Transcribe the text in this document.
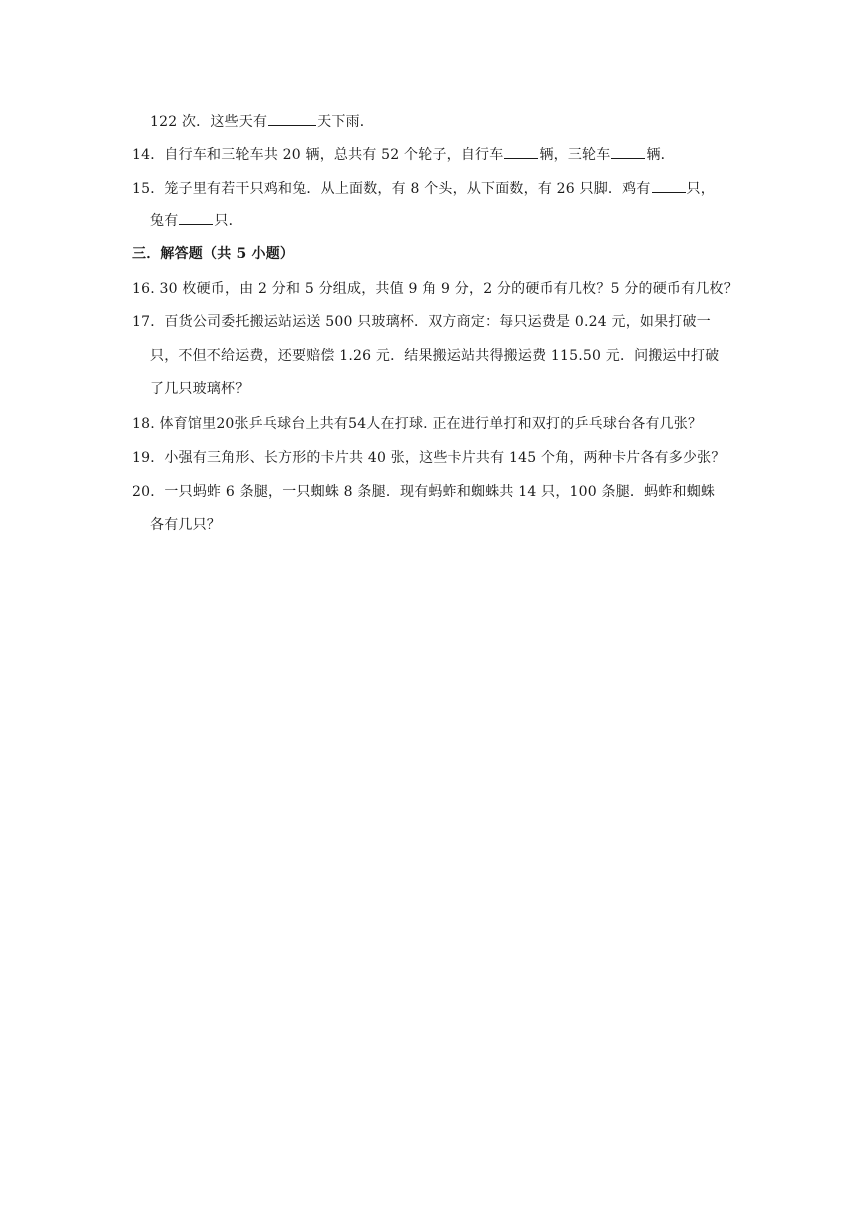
122 次．这些天有	天下雨．
14．自行车和三轮车共 20 辆，总共有 52 个轮子，自行车	辆，三轮车	辆．
15．笼子里有若干只鸡和兔．从上面数，有 8 个头，从下面数，有 26 只脚．鸡有	只，
兔有	只．
三．解答题（共 5 小题）
16. 30 枚硬币，由 2 分和 5 分组成，共值 9 角 9 分，2 分的硬币有几枚？5 分的硬币有几枚？
17．百货公司委托搬运站运送 500 只玻璃杯．双方商定：每只运费是 0.24 元，如果打破一
只，不但不给运费，还要赔偿 1.26 元．结果搬运站共得搬运费 115.50 元．问搬运中打破
了几只玻璃杯？
18. 体育馆里20张乒乓球台上共有54人在打球. 正在进行单打和双打的乒乓球台各有几张？
19．小强有三角形、长方形的卡片共 40 张，这些卡片共有 145 个角，两种卡片各有多少张？
20．一只蚂蚱 6 条腿，一只蜘蛛 8 条腿．现有蚂蚱和蜘蛛共 14 只，100 条腿．蚂蚱和蜘蛛
各有几只？
